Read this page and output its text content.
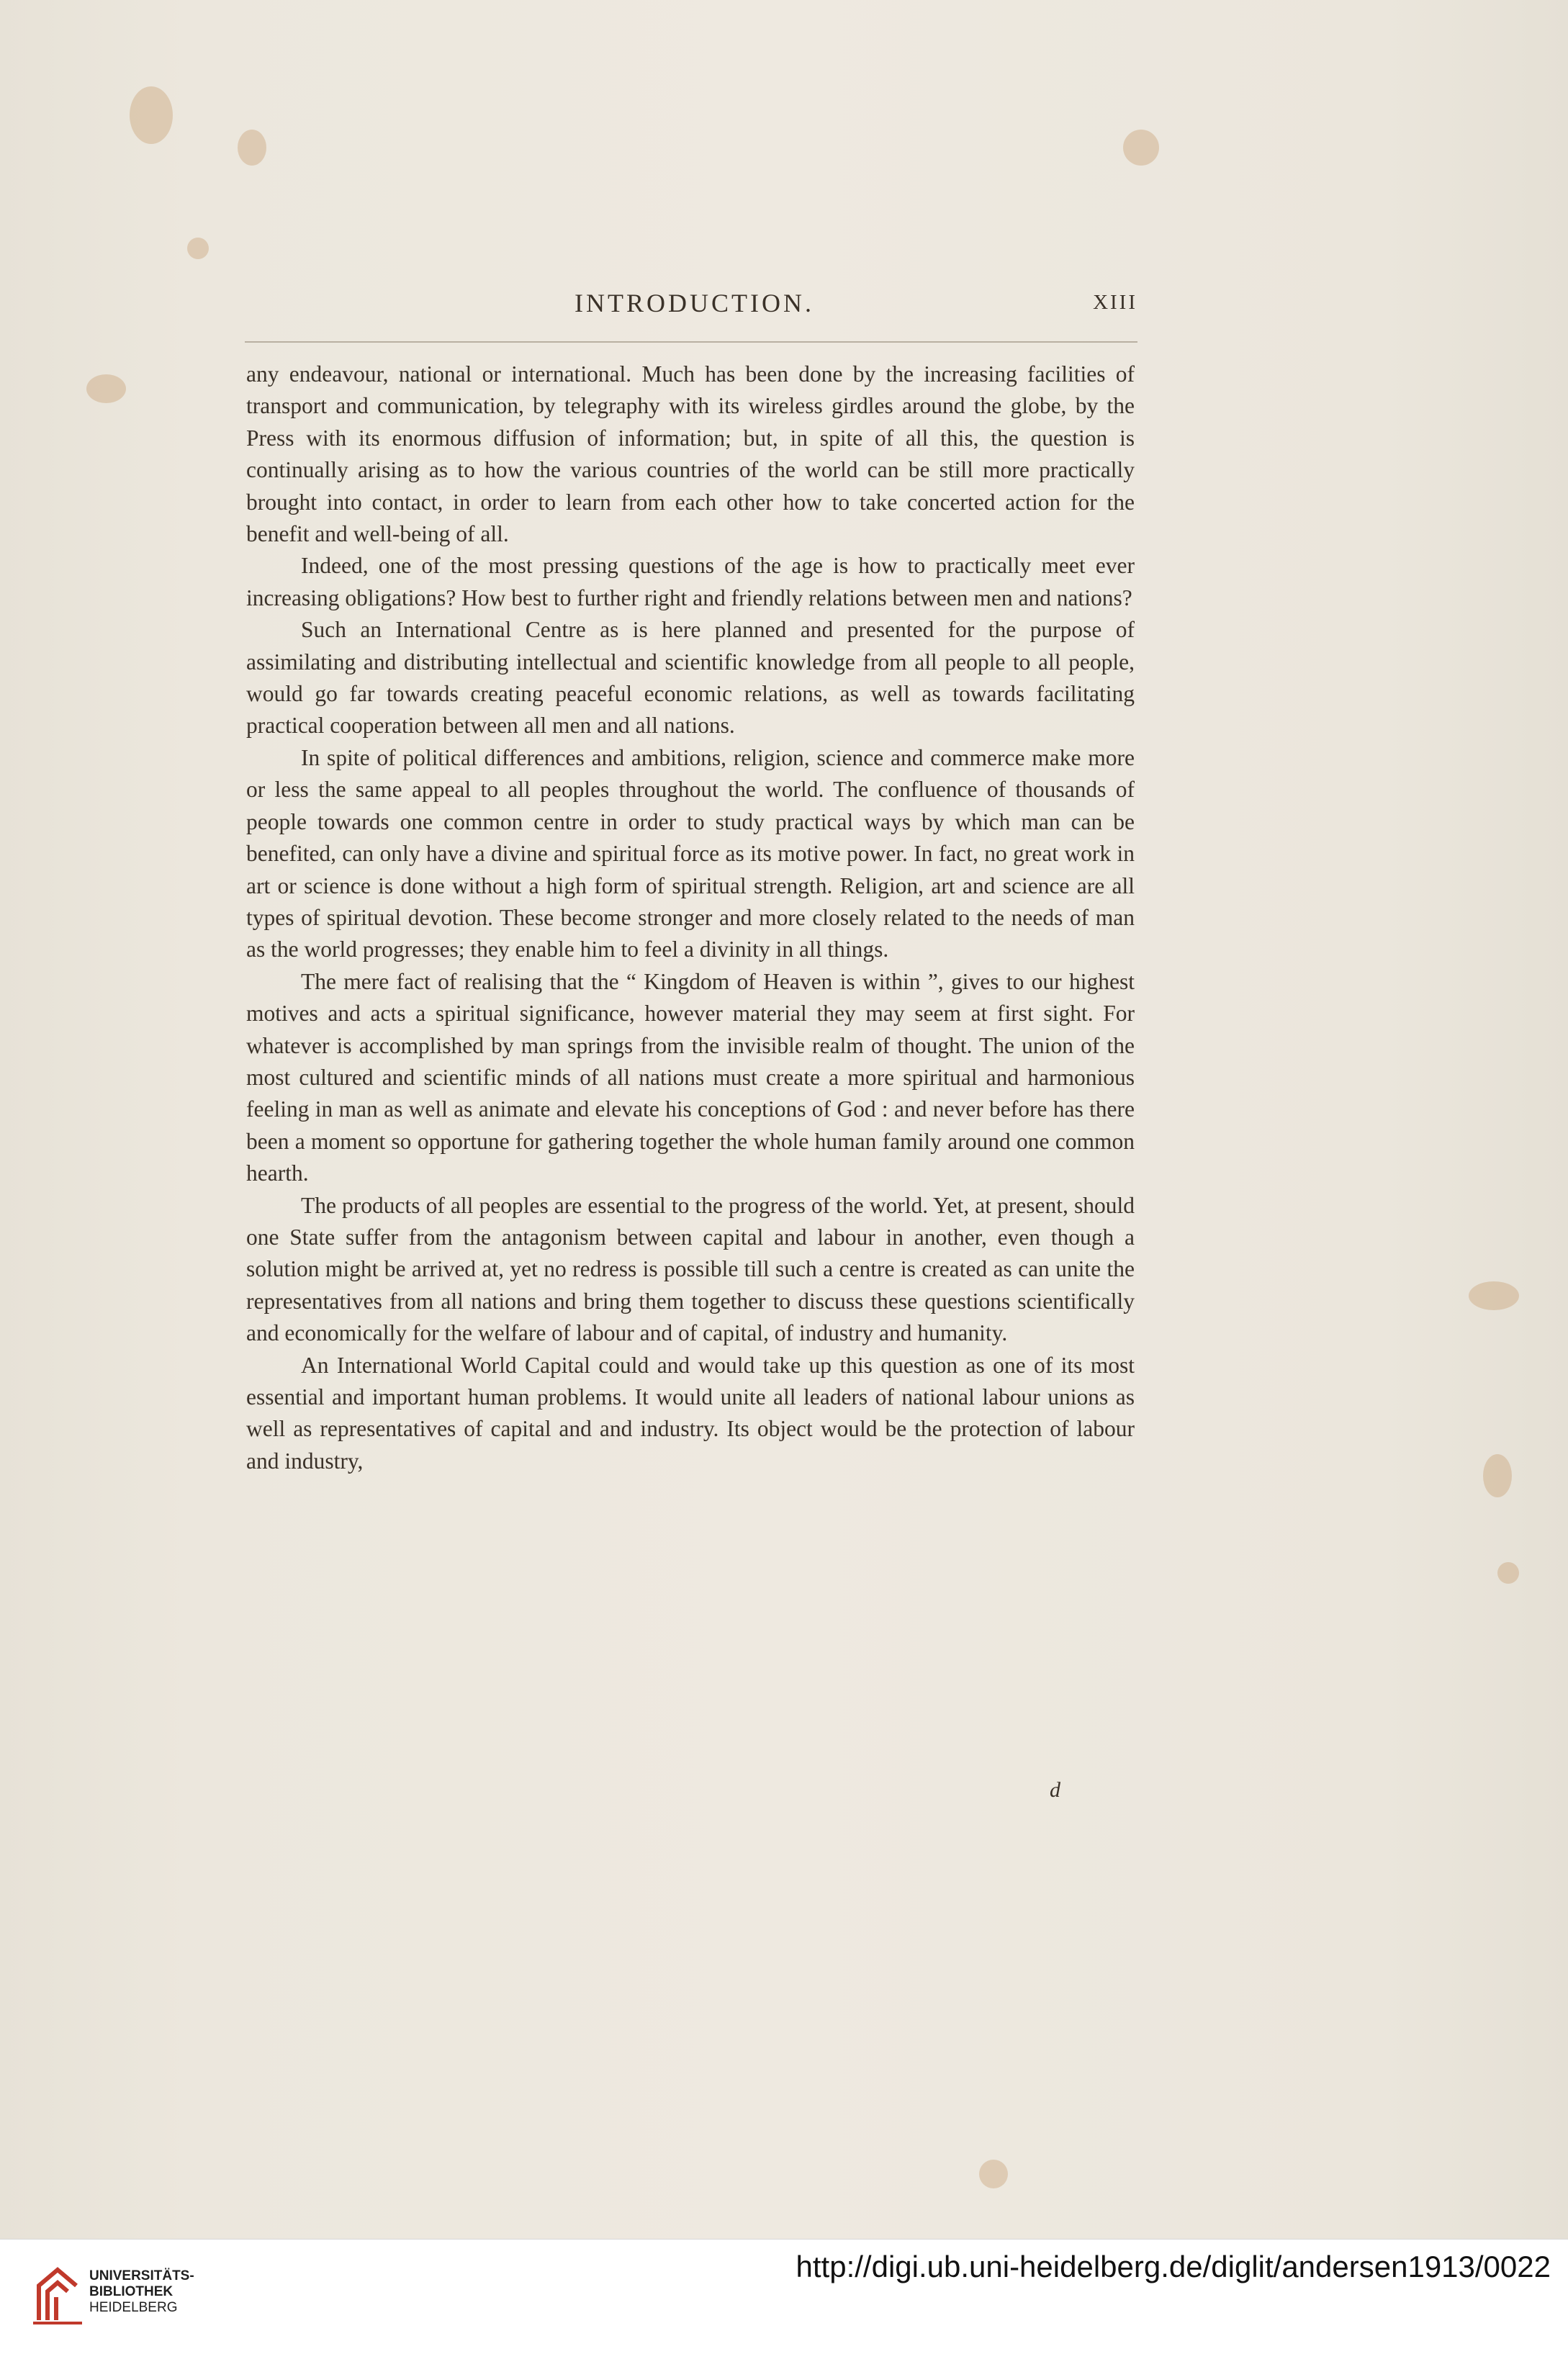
INTRODUCTION.	XIII

any endeavour, national or international. Much has been done by the increasing facilities of transport and communication, by telegraphy with its wireless girdles around the globe, by the Press with its enormous diffusion of information; but, in spite of all this, the question is continually arising as to how the various countries of the world can be still more practically brought into contact, in order to learn from each other how to take concerted action for the benefit and well-being of all.

Indeed, one of the most pressing questions of the age is how to practically meet ever increasing obligations? How best to further right and friendly relations between men and nations?

Such an International Centre as is here planned and presented for the purpose of assimilating and distributing intellectual and scientific knowledge from all people to all people, would go far towards creating peaceful economic relations, as well as towards facilitating practical cooperation between all men and all nations.

In spite of political differences and ambitions, religion, science and commerce make more or less the same appeal to all peoples throughout the world. The confluence of thousands of people towards one common centre in order to study practical ways by which man can be benefited, can only have a divine and spiritual force as its motive power. In fact, no great work in art or science is done without a high form of spiritual strength. Religion, art and science are all types of spiritual devotion. These become stronger and more closely related to the needs of man as the world progresses; they enable him to feel a divinity in all things.

The mere fact of realising that the “ Kingdom of Heaven is within ”, gives to our highest motives and acts a spiritual significance, however material they may seem at first sight. For whatever is accomplished by man springs from the invisible realm of thought. The union of the most cultured and scientific minds of all nations must create a more spiritual and harmonious feeling in man as well as animate and elevate his conceptions of God : and never before has there been a moment so opportune for gathering together the whole human family around one common hearth.

The products of all peoples are essential to the progress of the world. Yet, at present, should one State suffer from the antagonism between capital and labour in another, even though a solution might be arrived at, yet no redress is possible till such a centre is created as can unite the representatives from all nations and bring them together to discuss these questions scientifically and economically for the welfare of labour and of capital, of industry and humanity.

An International World Capital could and would take up this question as one of its most essential and important human problems. It would unite all leaders of national labour unions as well as representatives of capital and and industry. Its object would be the protection of labour and industry,

d
UNIVERSITÄTS-
BIBLIOTHEK
HEIDELBERG
http://digi.ub.uni-heidelberg.de/diglit/andersen1913/0022
